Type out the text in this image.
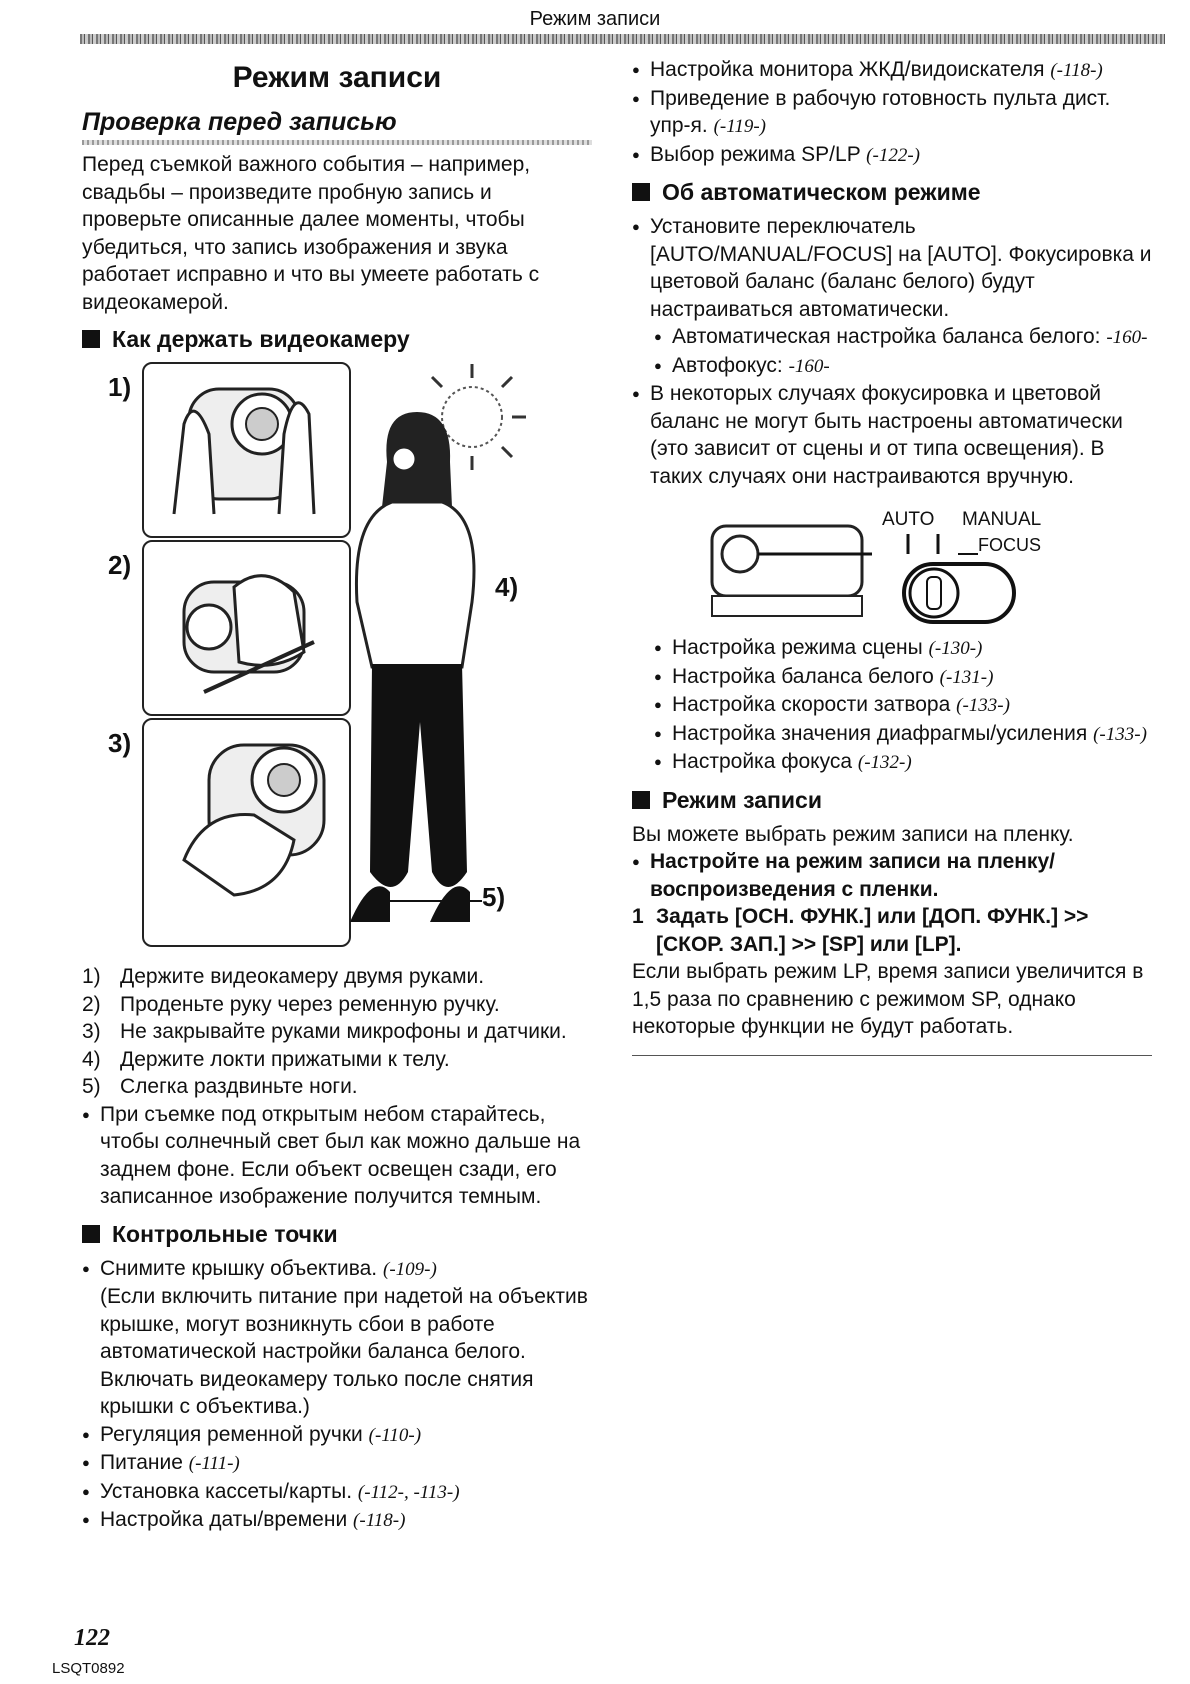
Режим записи
Режим записи
Проверка перед записью

Перед съемкой важного события – например, свадьбы – произведите пробную запись и проверьте описанные далее моменты, чтобы убедиться, что запись изображения и звука работает исправно и что вы умеете работать с видеокамерой.

Как держать видеокамеру
1)
2)
3)
4)
5)
1) Держите видеокамеру двумя руками.
2) Проденьте руку через ременную ручку.
3) Не закрывайте руками микрофоны и датчики.
4) Держите локти прижатыми к телу.
5) Слегка раздвиньте ноги.

● При съемке под открытым небом старайтесь, чтобы солнечный свет был как можно дальше на заднем фоне. Если объект освещен сзади, его записанное изображение получится темным.

Контрольные точки

● Снимите крышку объектива. (-109-)

(Если включить питание при надетой на объектив крышке, могут возникнуть сбои в работе автоматической настройки баланса белого. Включать видеокамеру только после снятия крышки с объектива.)

● Регуляция ременной ручки (-110-)

● Питание (-111-)

● Установка кассеты/карты. (-112-, -113-)

● Настройка даты/времени (-118-)

● Настройка монитора ЖКД/видоискателя (-118-)

● Приведение в рабочую готовность пульта дист. упр-я. (-119-)

● Выбор режима SP/LP (-122-)

Об автоматическом режиме

● Установите переключатель [AUTO/MANUAL/FOCUS] на [AUTO]. Фокусировка и цветовой баланс (баланс белого) будут настраиваться автоматически.

● Автоматическая настройка баланса белого: -160-

● Автофокус: -160-

● В некоторых случаях фокусировка и цветовой баланс не могут быть настроены автоматически (это зависит от сцены и от типа освещения). В таких случаях они настраиваются вручную.

AUTO MANUAL
FOCUS

● Настройка режима сцены (-130-)

● Настройка баланса белого (-131-)

● Настройка скорости затвора (-133-)

● Настройка значения диафрагмы/усиления (-133-)

● Настройка фокуса (-132-)

Режим записи

Вы можете выбрать режим записи на пленку.

● Настройте на режим записи на пленку/ воспроизведения с пленки.

1 Задать [ОСН. ФУНК.] или [ДОП. ФУНК.] >> [СКОР. ЗАП.] >> [SP] или [LP].

Если выбрать режим LP, время записи увеличится в 1,5 раза по сравнению с режимом SP, однако некоторые функции не будут работать.

122
LSQT0892
